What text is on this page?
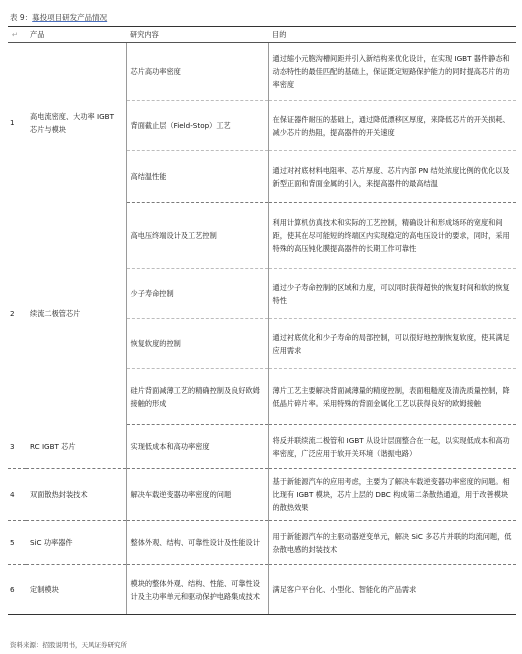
表 9：募投项目研发产品情况
↵	产品	研究内容	目的
1	高电流密度、大功率 IGBT 芯片与模块	芯片高功率密度	通过缩小元胞沟槽间距并引入新结构来优化设计，在实现 IGBT 器件静态和动态特性的最佳匹配的基础上，保证既定短路保护能力的同时提高芯片的功率密度
		背面截止层（Field-Stop）工艺	在保证器件耐压的基础上，通过降低漂移区厚度，来降低芯片的开关损耗、减少芯片的热阻，提高器件的开关速度
		高结温性能	通过对衬底材料电阻率、芯片厚度、芯片内部 PN 结处浓度比例的优化以及新型正面和背面金属的引入，来提高器件的最高结温
2	续流二极管芯片	高电压终端设计及工艺控制	利用计算机仿真技术和实际的工艺控制，精确设计和形成场环的宽度和间距，使其在尽可能短的终端区内实现稳定的高电压设计的要求，同时，采用特殊的高压钝化膜提高器件的长期工作可靠性
		少子寿命控制	通过少子寿命控制的区域和力度，可以同时获得超快的恢复时间和软的恢复特性
		恢复软度的控制	通过衬底优化和少子寿命的局部控制，可以很好地控制恢复软度，使其满足应用需求
		硅片背面减薄工艺的精确控制及良好欧姆接触的形成	薄片工艺主要解决背面减薄量的精度控制，表面粗糙度及清洗质量控制，降低晶片碎片率。采用特殊的背面金属化工艺以获得良好的欧姆接触
3	RC IGBT 芯片	实现低成本和高功率密度	将反并联续流二极管和 IGBT 从设计层面整合在一起，以实现低成本和高功率密度，广泛应用于软开关环境（谐振电路）
4	双面散热封装技术	解决车载逆变器功率密度的问题	基于新能源汽车的应用考虑，主要为了解决车载逆变器功率密度的问题。相比现有 IGBT 模块，芯片上层的 DBC 构成第二条散热通道，用于改善模块的散热效果
5	SiC 功率器件	整体外观、结构、可靠性设计及性能设计	用于新能源汽车的主驱动器逆变单元，解决 SiC 多芯片并联的均流问题，低杂散电感的封装技术
6	定制模块	模块的整体外观、结构、性能、可靠性设计及主功率单元和驱动保护电路集成技术	满足客户平台化、小型化、智能化的产品需求
资料来源：招股说明书，天风证券研究所
